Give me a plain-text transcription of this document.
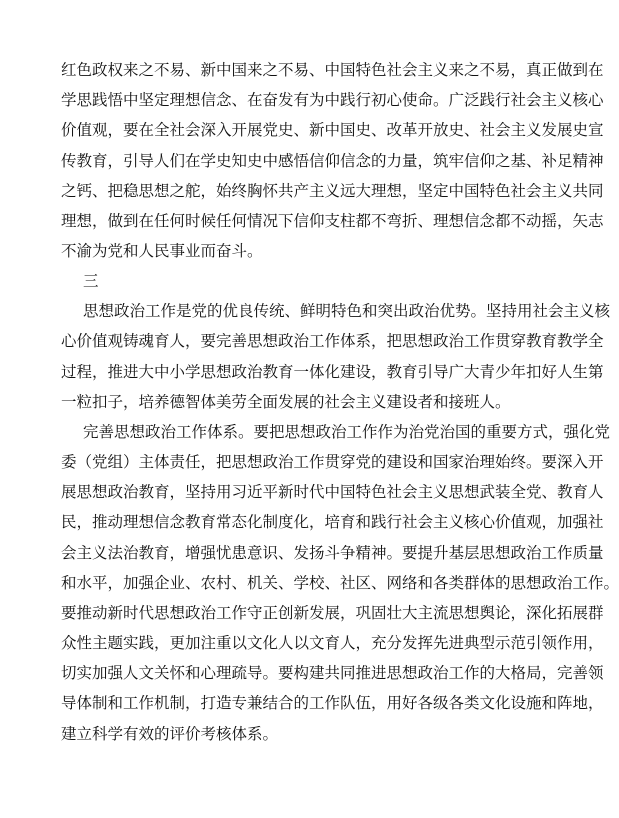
红色政权来之不易、新中国来之不易、中国特色社会主义来之不易，真正做到在
学思践悟中坚定理想信念、在奋发有为中践行初心使命。广泛践行社会主义核心
价值观，要在全社会深入开展党史、新中国史、改革开放史、社会主义发展史宣
传教育，引导人们在学史知史中感悟信仰信念的力量，筑牢信仰之基、补足精神
之钙、把稳思想之舵，始终胸怀共产主义远大理想，坚定中国特色社会主义共同
理想，做到在任何时候任何情况下信仰支柱都不弯折、理想信念都不动摇，矢志
不渝为党和人民事业而奋斗。
三
思想政治工作是党的优良传统、鲜明特色和突出政治优势。坚持用社会主义核
心价值观铸魂育人，要完善思想政治工作体系，把思想政治工作贯穿教育教学全
过程，推进大中小学思想政治教育一体化建设，教育引导广大青少年扣好人生第
一粒扣子，培养德智体美劳全面发展的社会主义建设者和接班人。
完善思想政治工作体系。要把思想政治工作作为治党治国的重要方式，强化党
委（党组）主体责任，把思想政治工作贯穿党的建设和国家治理始终。要深入开
展思想政治教育，坚持用习近平新时代中国特色社会主义思想武装全党、教育人
民，推动理想信念教育常态化制度化，培育和践行社会主义核心价值观，加强社
会主义法治教育，增强忧患意识、发扬斗争精神。要提升基层思想政治工作质量
和水平，加强企业、农村、机关、学校、社区、网络和各类群体的思想政治工作。
要推动新时代思想政治工作守正创新发展，巩固壮大主流思想舆论，深化拓展群
众性主题实践，更加注重以文化人以文育人，充分发挥先进典型示范引领作用，
切实加强人文关怀和心理疏导。要构建共同推进思想政治工作的大格局，完善领
导体制和工作机制，打造专兼结合的工作队伍，用好各级各类文化设施和阵地，
建立科学有效的评价考核体系。
